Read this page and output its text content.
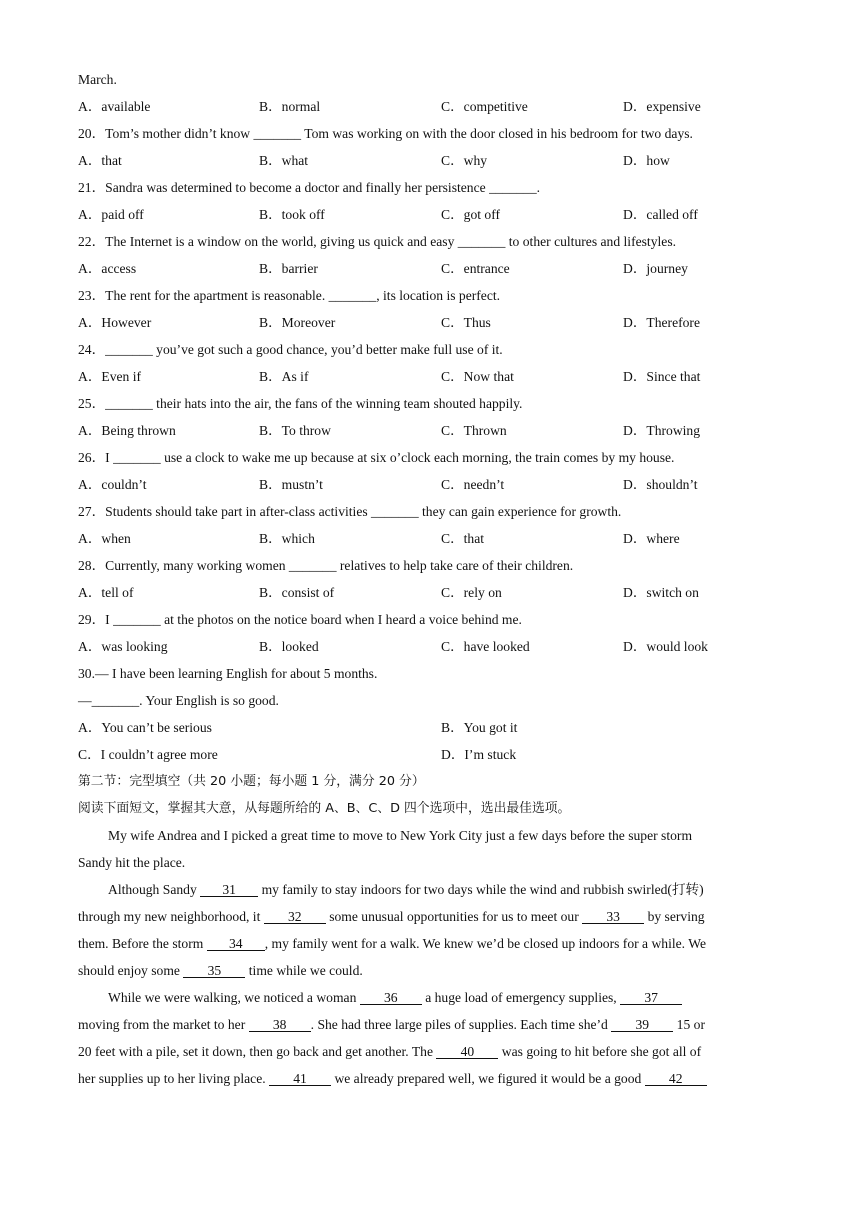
March.
A．available	B．normal	C．competitive	D．expensive
20．Tom’s mother didn’t know _______ Tom was working on with the door closed in his bedroom for two days.
A．that	B．what	C．why	D．how
21．Sandra was determined to become a doctor and finally her persistence _______.
A．paid off	B．took off	C．got off	D．called off
22．The Internet is a window on the world, giving us quick and easy _______ to other cultures and lifestyles.
A．access	B．barrier	C．entrance	D．journey
23．The rent for the apartment is reasonable. _______, its location is perfect.
A．However	B．Moreover	C．Thus	D．Therefore
24．_______ you’ve got such a good chance, you’d better make full use of it.
A．Even if	B．As if	C．Now that	D．Since that
25．_______ their hats into the air, the fans of the winning team shouted happily.
A．Being thrown	B．To throw	C．Thrown	D．Throwing
26．I _______ use a clock to wake me up because at six o’clock each morning, the train comes by my house.
A．couldn’t	B．mustn’t	C．needn’t	D．shouldn’t
27．Students should take part in after-class activities _______ they can gain experience for growth.
A．when	B．which	C．that	D．where
28．Currently, many working women _______ relatives to help take care of their children.
A．tell of	B．consist of	C．rely on	D．switch on
29．I _______ at the photos on the notice board when I heard a voice behind me.
A．was looking	B．looked	C．have looked	D．would look
30.— I have been learning English for about 5 months.
—_______. Your English is so good.
A．You can’t be serious	B．You got it
C．I couldn’t agree more	D．I’m stuck
第二节：完型填空（共 20 小题；每小题 1 分，满分 20 分）
阅读下面短文，掌握其大意，从每题所给的 A、B、C、D 四个选项中，选出最佳选项。
My wife Andrea and I picked a great time to move to New York City just a few days before the super storm
Sandy hit the place.
Although Sandy 31 my family to stay indoors for two days while the wind and rubbish swirled(打转)
through my new neighborhood, it 32 some unusual opportunities for us to meet our 33 by serving
them. Before the storm 34 , my family went for a walk. We knew we’d be closed up indoors for a while. We
should enjoy some 35 time while we could.
While we were walking, we noticed a woman 36 a huge load of emergency supplies, 37
moving from the market to her 38 . She had three large piles of supplies. Each time she’d 39 15 or
20 feet with a pile, set it down, then go back and get another. The 40 was going to hit before she got all of
her supplies up to her living place. 41 we already prepared well, we figured it would be a good 42
